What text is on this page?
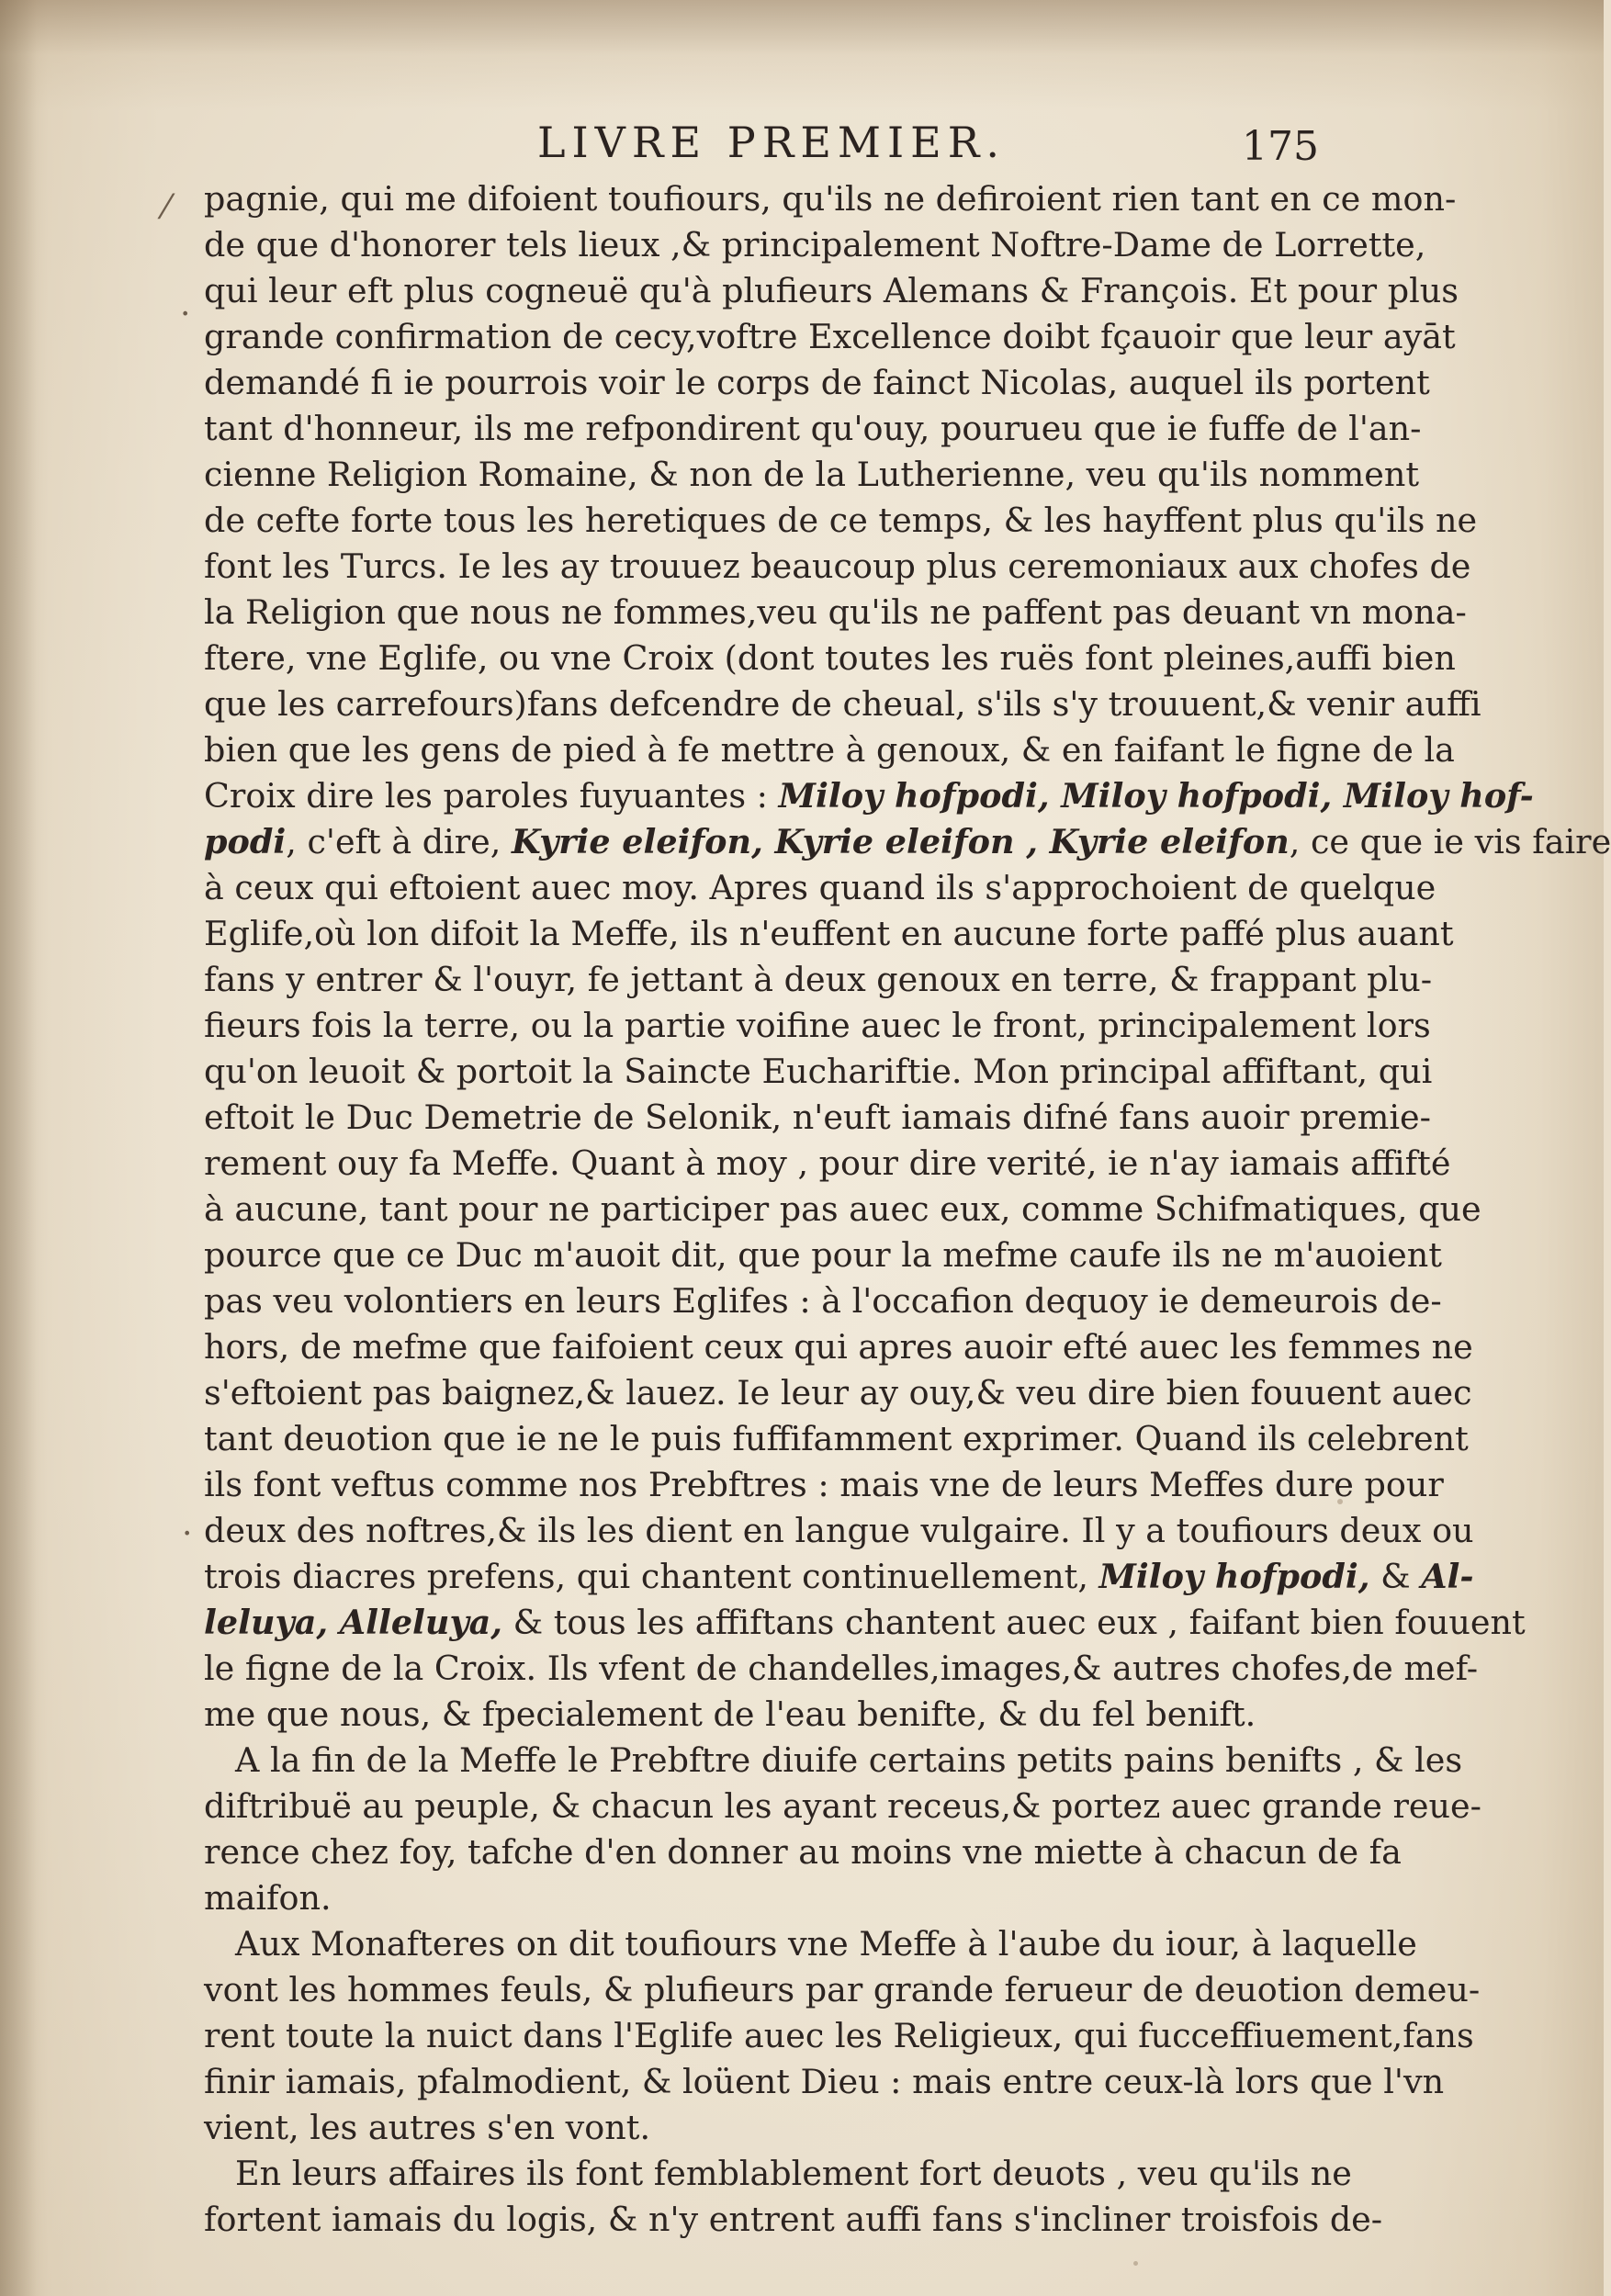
LIVRE PREMIER.	175
pagnie, qui me difoient toufiours, qu'ils ne defiroient rien tant en ce mon-
de que d'honorer tels lieux ,& principalement Noftre-Dame de Lorrette,
qui leur eft plus cogneuë qu'à plufieurs Alemans & François. Et pour plus
grande confirmation de cecy,voftre Excellence doibt fçauoir que leur ayāt
demandé fi ie pourrois voir le corps de fainct Nicolas, auquel ils portent
tant d'honneur, ils me refpondirent qu'ouy, pourueu que ie fuffe de l'an-
cienne Religion Romaine, & non de la Lutherienne, veu qu'ils nomment
de cefte forte tous les heretiques de ce temps, & les hayffent plus qu'ils ne
font les Turcs. Ie les ay trouuez beaucoup plus ceremoniaux aux chofes de
la Religion que nous ne fommes,veu qu'ils ne paffent pas deuant vn mona-
ftere, vne Eglife, ou vne Croix (dont toutes les ruës font pleines,auffi bien
que les carrefours)fans defcendre de cheual, s'ils s'y trouuent,& venir auffi
bien que les gens de pied à fe mettre à genoux, & en faifant le figne de la
Croix dire les paroles fuyuantes : Miloy hofpodi, Miloy hofpodi, Miloy hof-
podi, c'eft à dire, Kyrie eleifon, Kyrie eleifon , Kyrie eleifon, ce que ie vis faire
à ceux qui eftoient auec moy. Apres quand ils s'approchoient de quelque
Eglife,où lon difoit la Meffe, ils n'euffent en aucune forte paffé plus auant
fans y entrer & l'ouyr, fe jettant à deux genoux en terre, & frappant plu-
fieurs fois la terre, ou la partie voifine auec le front, principalement lors
qu'on leuoit & portoit la Saincte Euchariftie. Mon principal affiftant, qui
eftoit le Duc Demetrie de Selonik, n'euft iamais difné fans auoir premie-
rement ouy fa Meffe. Quant à moy , pour dire verité, ie n'ay iamais affifté
à aucune, tant pour ne participer pas auec eux, comme Schifmatiques, que
pource que ce Duc m'auoit dit, que pour la mefme caufe ils ne m'auoient
pas veu volontiers en leurs Eglifes : à l'occafion dequoy ie demeurois de-
hors, de mefme que faifoient ceux qui apres auoir efté auec les femmes ne
s'eftoient pas baignez,& lauez. Ie leur ay ouy,& veu dire bien fouuent auec
tant deuotion que ie ne le puis fuffifamment exprimer. Quand ils celebrent
ils font veftus comme nos Prebftres : mais vne de leurs Meffes dure pour
deux des noftres,& ils les dient en langue vulgaire. Il y a toufiours deux ou
trois diacres prefens, qui chantent continuellement, Miloy hofpodi, & Al-
leluya, Alleluya, & tous les affiftans chantent auec eux , faifant bien fouuent
le figne de la Croix. Ils vfent de chandelles,images,& autres chofes,de mef-
me que nous, & fpecialement de l'eau benifte, & du fel benift.
A la fin de la Meffe le Prebftre diuife certains petits pains benifts , & les
diftribuë au peuple, & chacun les ayant receus,& portez auec grande reue-
rence chez foy, tafche d'en donner au moins vne miette à chacun de fa
maifon.
Aux Monafteres on dit toufiours vne Meffe à l'aube du iour, à laquelle
vont les hommes feuls, & plufieurs par grande ferueur de deuotion demeu-
rent toute la nuict dans l'Eglife auec les Religieux, qui fucceffiuement,fans
finir iamais, pfalmodient, & loüent Dieu : mais entre ceux-là lors que l'vn
vient, les autres s'en vont.
En leurs affaires ils font femblablement fort deuots , veu qu'ils ne
fortent iamais du logis, & n'y entrent auffi fans s'incliner troisfois de-
⁄
·
·
